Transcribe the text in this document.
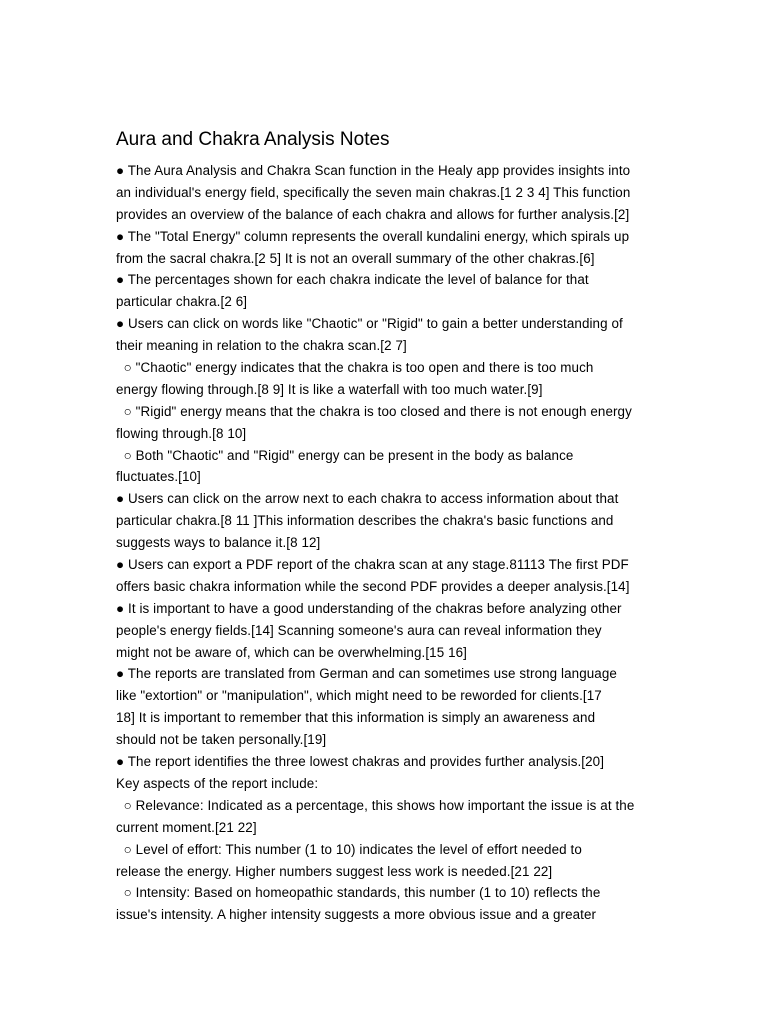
Aura and Chakra Analysis Notes
● The Aura Analysis and Chakra Scan function in the Healy app provides insights into
an individual's energy field, specifically the seven main chakras.[1 2 3 4] This function
provides an overview of the balance of each chakra and allows for further analysis.[2]
● The "Total Energy" column represents the overall kundalini energy, which spirals up
from the sacral chakra.[2 5] It is not an overall summary of the other chakras.[6]
● The percentages shown for each chakra indicate the level of balance for that
particular chakra.[2 6]
● Users can click on words like "Chaotic" or "Rigid" to gain a better understanding of
their meaning in relation to the chakra scan.[2 7]
○ "Chaotic" energy indicates that the chakra is too open and there is too much
energy flowing through.[8 9] It is like a waterfall with too much water.[9]
○ "Rigid" energy means that the chakra is too closed and there is not enough energy
flowing through.[8 10]
○ Both "Chaotic" and "Rigid" energy can be present in the body as balance
fluctuates.[10]
● Users can click on the arrow next to each chakra to access information about that
particular chakra.[8 11 ]This information describes the chakra's basic functions and
suggests ways to balance it.[8 12]
● Users can export a PDF report of the chakra scan at any stage.81113 The first PDF
offers basic chakra information while the second PDF provides a deeper analysis.[14]
● It is important to have a good understanding of the chakras before analyzing other
people's energy fields.[14] Scanning someone's aura can reveal information they
might not be aware of, which can be overwhelming.[15 16]
● The reports are translated from German and can sometimes use strong language
like "extortion" or "manipulation", which might need to be reworded for clients.[17
18] It is important to remember that this information is simply an awareness and
should not be taken personally.[19]
● The report identifies the three lowest chakras and provides further analysis.[20]
Key aspects of the report include:
○ Relevance: Indicated as a percentage, this shows how important the issue is at the
current moment.[21 22]
○ Level of effort: This number (1 to 10) indicates the level of effort needed to
release the energy. Higher numbers suggest less work is needed.[21 22]
○ Intensity: Based on homeopathic standards, this number (1 to 10) reflects the
issue's intensity. A higher intensity suggests a more obvious issue and a greater
